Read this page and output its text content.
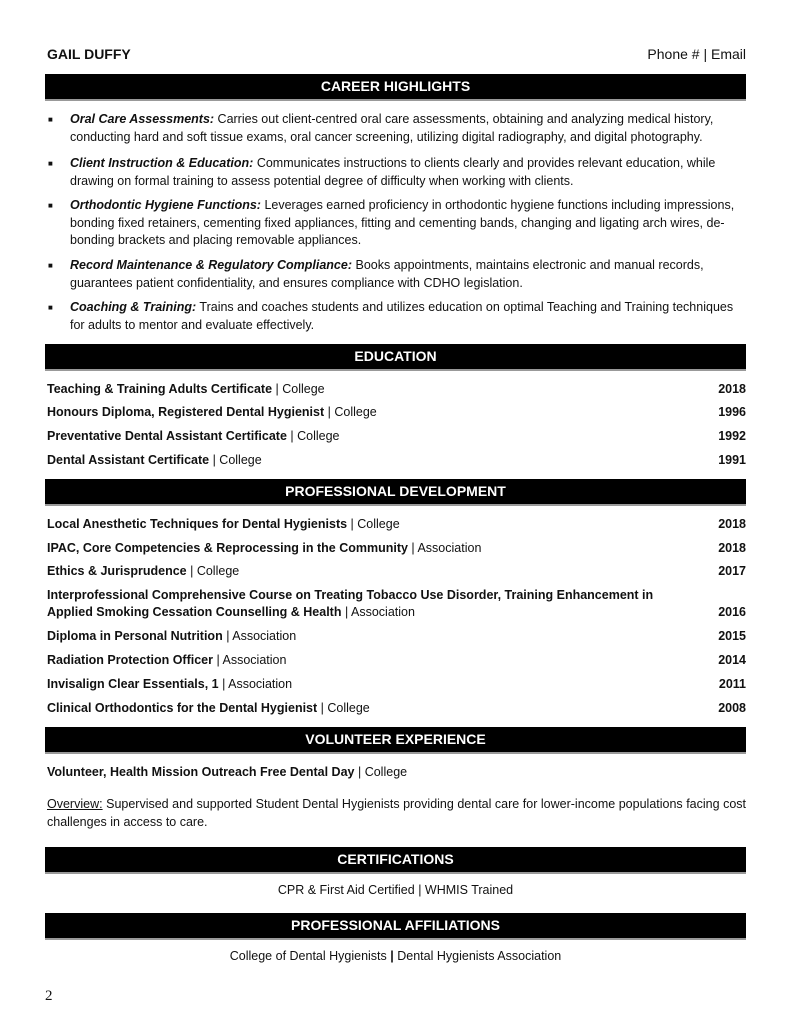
GAIL DUFFY	Phone # | Email
CAREER HIGHLIGHTS
■ Oral Care Assessments: Carries out client-centred oral care assessments, obtaining and analyzing medical history, conducting hard and soft tissue exams, oral cancer screening, utilizing digital radiography, and digital photography.
■ Client Instruction & Education: Communicates instructions to clients clearly and provides relevant education, while drawing on formal training to assess potential degree of difficulty when working with clients.
■ Orthodontic Hygiene Functions: Leverages earned proficiency in orthodontic hygiene functions including impressions, bonding fixed retainers, cementing fixed appliances, fitting and cementing bands, changing and ligating arch wires, de-bonding brackets and placing removable appliances.
■ Record Maintenance & Regulatory Compliance: Books appointments, maintains electronic and manual records, guarantees patient confidentiality, and ensures compliance with CDHO legislation.
■ Coaching & Training: Trains and coaches students and utilizes education on optimal Teaching and Training techniques for adults to mentor and evaluate effectively.
EDUCATION
Teaching & Training Adults Certificate | College	2018
Honours Diploma, Registered Dental Hygienist | College	1996
Preventative Dental Assistant Certificate | College	1992
Dental Assistant Certificate | College	1991
PROFESSIONAL DEVELOPMENT
Local Anesthetic Techniques for Dental Hygienists | College	2018
IPAC, Core Competencies & Reprocessing in the Community | Association	2018
Ethics & Jurisprudence | College	2017
Interprofessional Comprehensive Course on Treating Tobacco Use Disorder, Training Enhancement in Applied Smoking Cessation Counselling & Health | Association	2016
Diploma in Personal Nutrition | Association	2015
Radiation Protection Officer | Association	2014
Invisalign Clear Essentials, 1 | Association	2011
Clinical Orthodontics for the Dental Hygienist | College	2008
VOLUNTEER EXPERIENCE
Volunteer, Health Mission Outreach Free Dental Day | College
Overview: Supervised and supported Student Dental Hygienists providing dental care for lower-income populations facing cost challenges in access to care.
CERTIFICATIONS
CPR & First Aid Certified | WHMIS Trained
PROFESSIONAL AFFILIATIONS
College of Dental Hygienists | Dental Hygienists Association
2
